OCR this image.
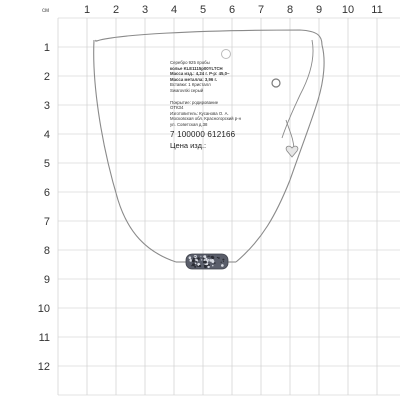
см	1 2 3 4 5 6 7 8 9 10 11
1
2
3
4
5
6
7
8
9
10
11
12
Серебро 925 пробы
колье KLE1115p00YLTCH
Масса изд.: 4,24 г. Р-р: 45,0~
Масса металла: 3,96 г.
Вставки: 1 Кристалл
Swarovski серый
Покрытие: родирование
ОТКЗ4
Изготовитель: Кусанова О. А.
Московская обл. Красногорский р-н
ул. Советская д.38
7 100000 612166
Цена изд.:
